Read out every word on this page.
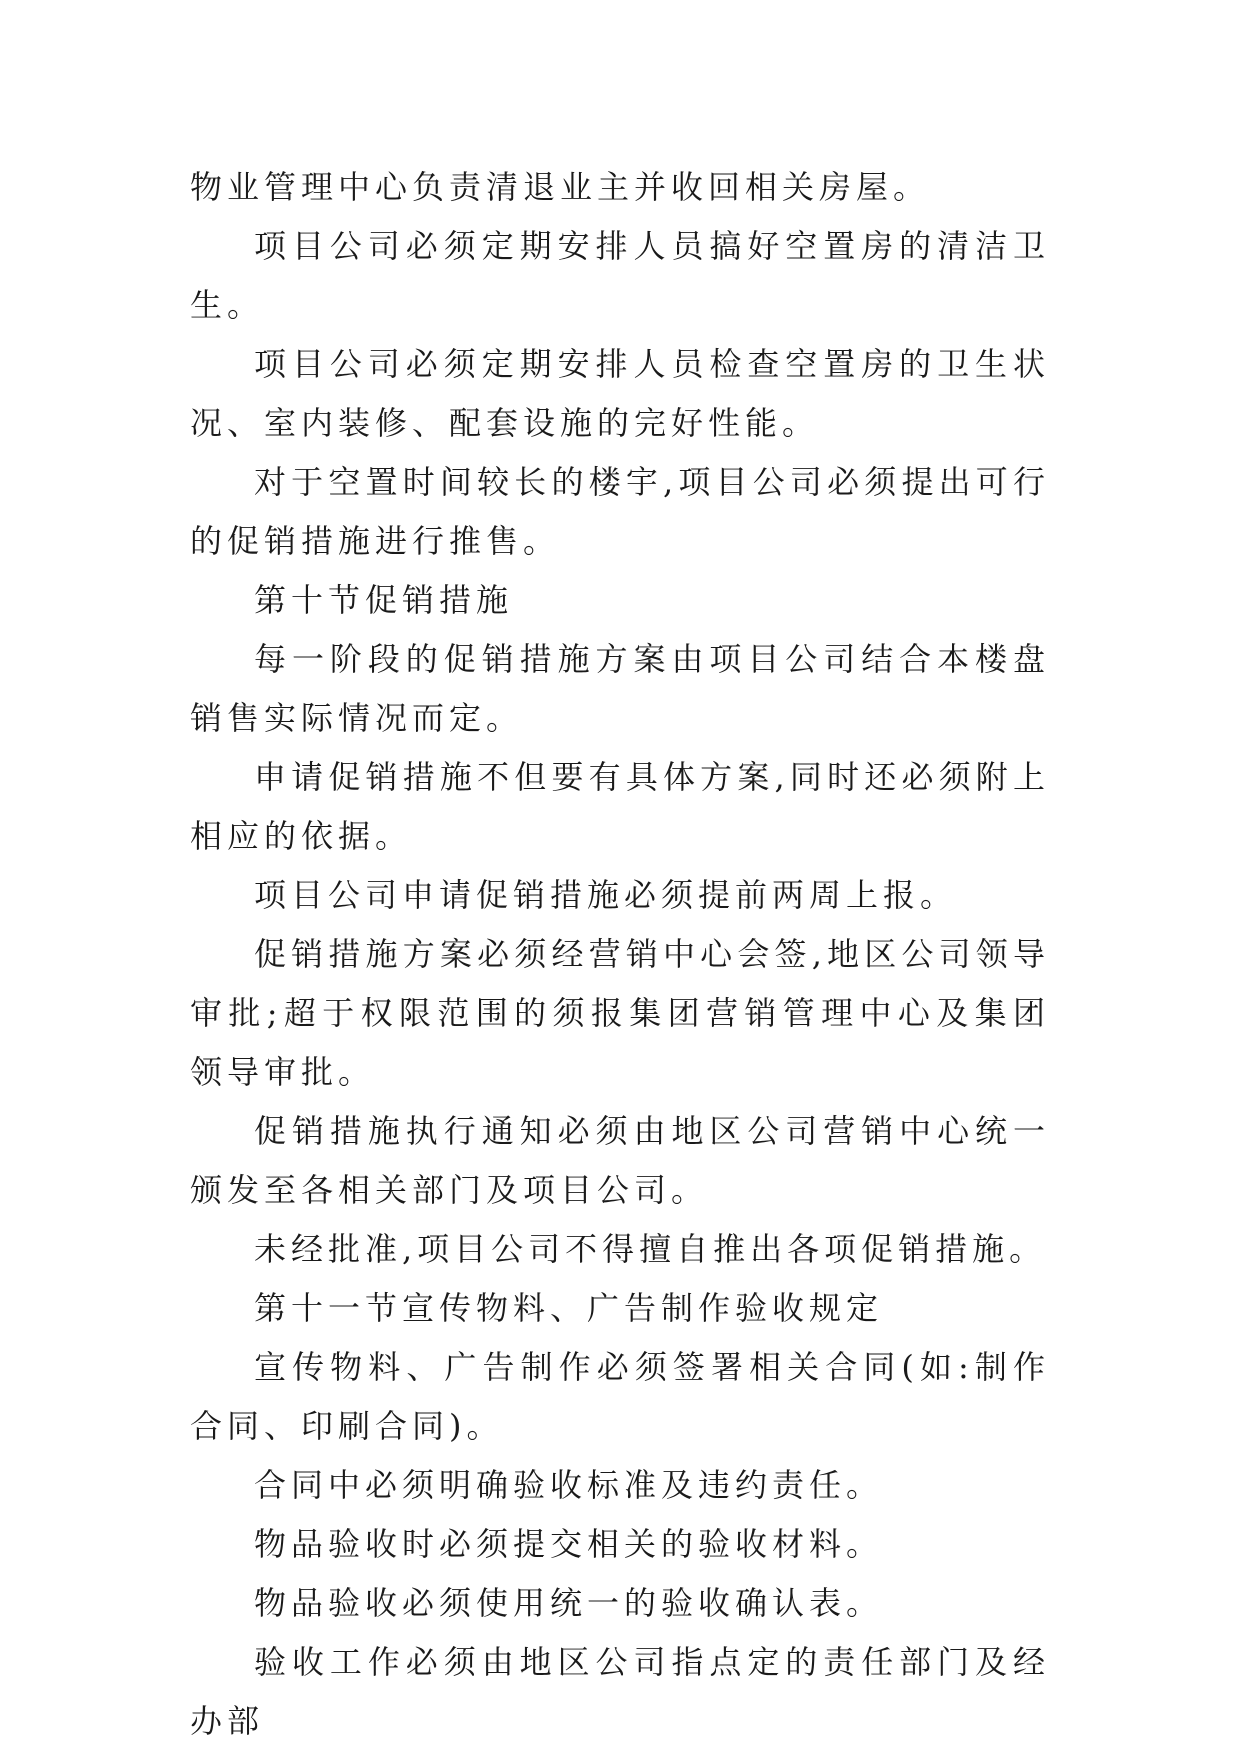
物业管理中心负责清退业主并收回相关房屋。

项目公司必须定期安排人员搞好空置房的清洁卫生。

项目公司必须定期安排人员检查空置房的卫生状况、室内装修、配套设施的完好性能。

对于空置时间较长的楼宇,项目公司必须提出可行的促销措施进行推售。

第十节促销措施

每一阶段的促销措施方案由项目公司结合本楼盘销售实际情况而定。

申请促销措施不但要有具体方案,同时还必须附上相应的依据。

项目公司申请促销措施必须提前两周上报。

促销措施方案必须经营销中心会签,地区公司领导审批;超于权限范围的须报集团营销管理中心及集团领导审批。

促销措施执行通知必须由地区公司营销中心统一颁发至各相关部门及项目公司。

未经批准,项目公司不得擅自推出各项促销措施。

第十一节宣传物料、广告制作验收规定

宣传物料、广告制作必须签署相关合同(如:制作合同、印刷合同)。

合同中必须明确验收标准及违约责任。

物品验收时必须提交相关的验收材料。

物品验收必须使用统一的验收确认表。

验收工作必须由地区公司指点定的责任部门及经办部
